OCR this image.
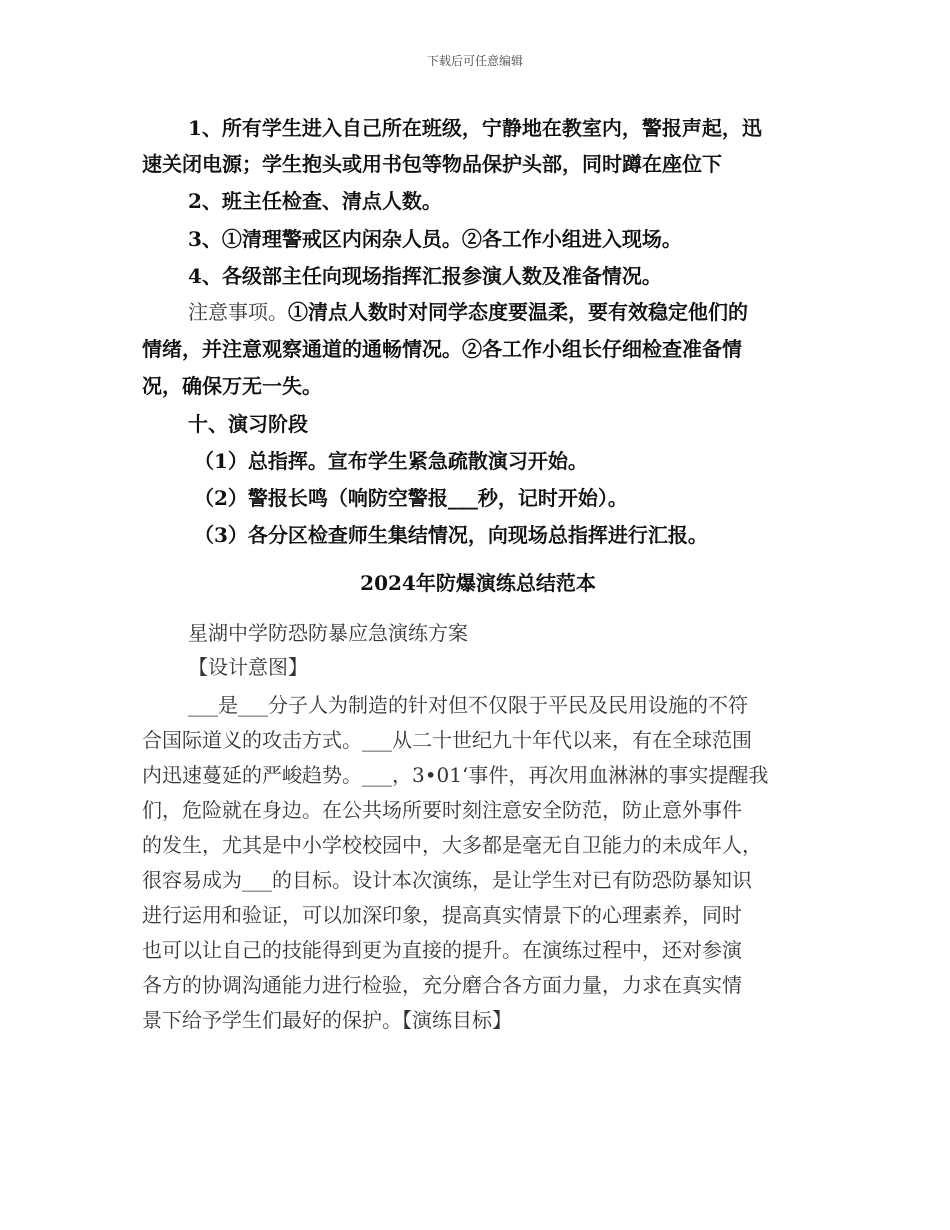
下载后可任意编辑
1、所有学生进入自己所在班级，宁静地在教室内，警报声起，迅
速关闭电源；学生抱头或用书包等物品保护头部，同时蹲在座位下
2、班主任检查、清点人数。
3、①清理警戒区内闲杂人员。②各工作小组进入现场。
4、各级部主任向现场指挥汇报参演人数及准备情况。
注意事项。①清点人数时对同学态度要温柔，要有效稳定他们的
情绪，并注意观察通道的通畅情况。②各工作小组长仔细检查准备情
况，确保万无一失。
十、演习阶段
（1）总指挥。宣布学生紧急疏散演习开始。
（2）警报长鸣（响防空警报___秒，记时开始）。
（3）各分区检查师生集结情况，向现场总指挥进行汇报。
2024年防爆演练总结范本
星湖中学防恐防暴应急演练方案
【设计意图】
___是___分子人为制造的针对但不仅限于平民及民用设施的不符
合国际道义的攻击方式。___从二十世纪九十年代以来，有在全球范围
内迅速蔓延的严峻趋势。___，3•01‘事件，再次用血淋淋的事实提醒我
们，危险就在身边。在公共场所要时刻注意安全防范，防止意外事件
的发生，尤其是中小学校校园中，大多都是毫无自卫能力的未成年人，
很容易成为___的目标。设计本次演练，是让学生对已有防恐防暴知识
进行运用和验证，可以加深印象，提高真实情景下的心理素养，同时
也可以让自己的技能得到更为直接的提升。在演练过程中，还对参演
各方的协调沟通能力进行检验，充分磨合各方面力量，力求在真实情
景下给予学生们最好的保护。【演练目标】
